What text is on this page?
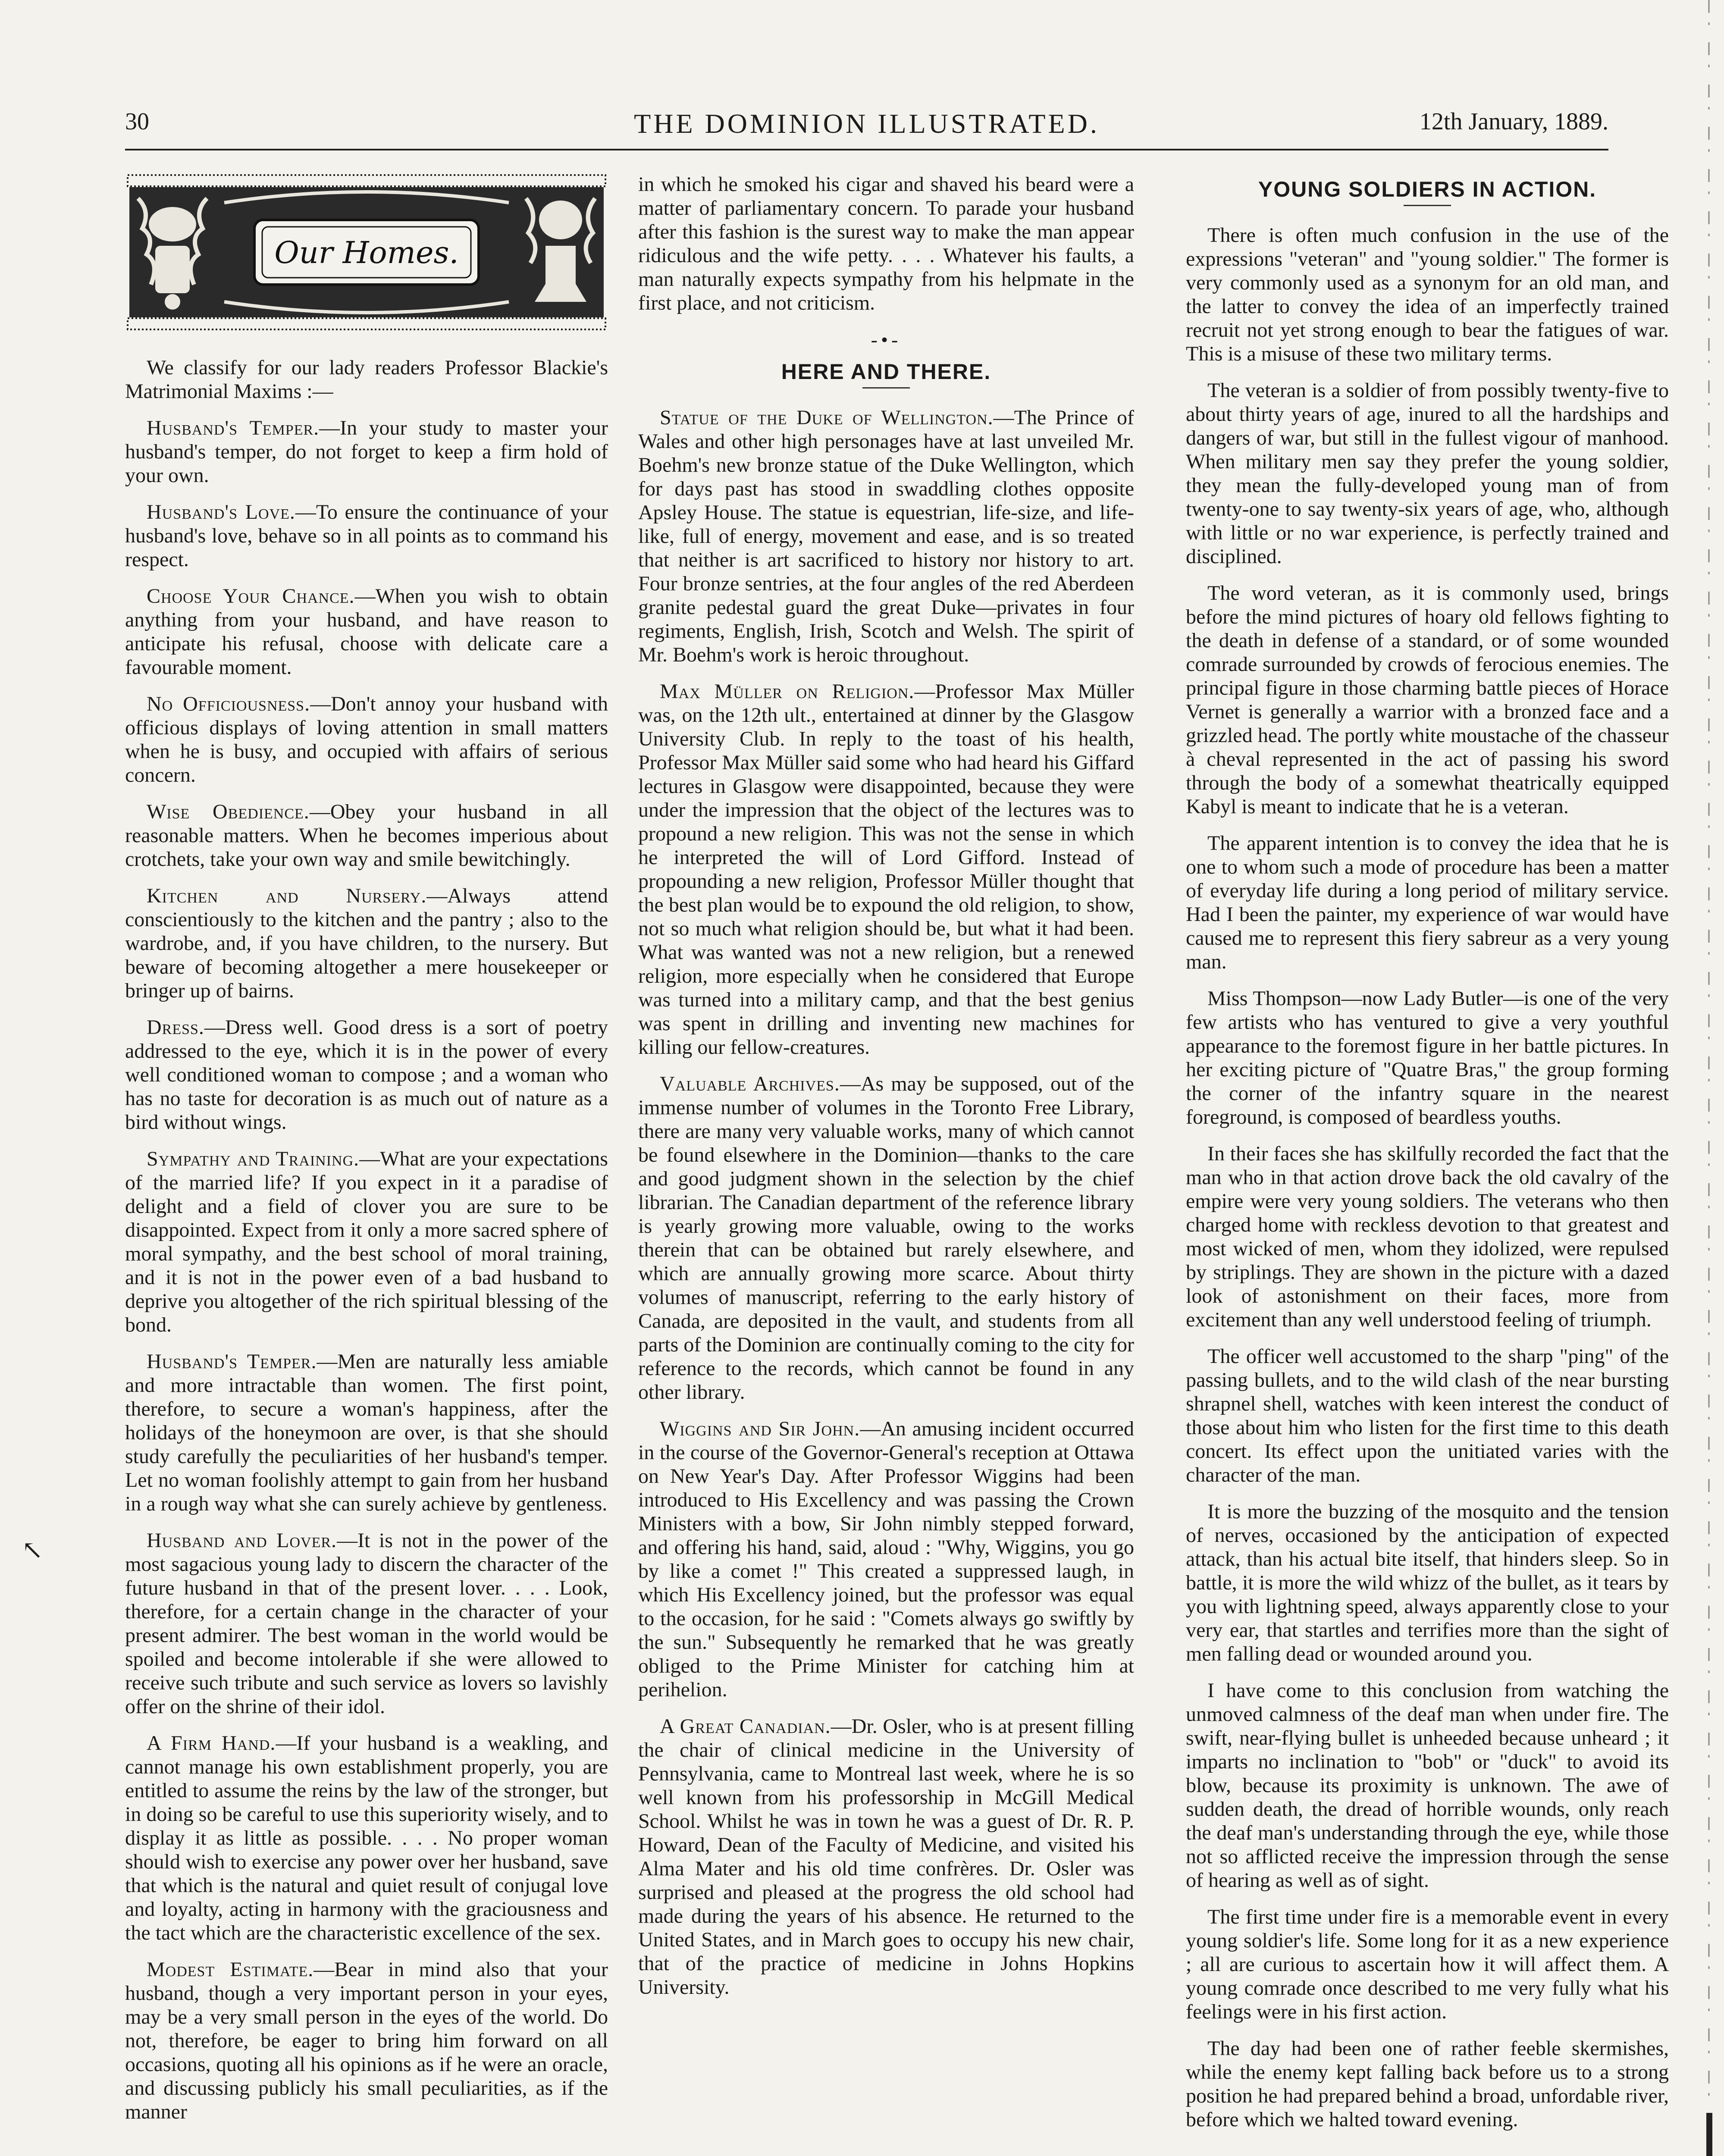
30	THE DOMINION ILLUSTRATED.	12th January, 1889.
Our Homes.

We classify for our lady readers Professor Blackie's Matrimonial Maxims :—

Husband's Temper.—In your study to master your husband's temper, do not forget to keep a firm hold of your own.

Husband's Love.—To ensure the continuance of your husband's love, behave so in all points as to command his respect.

Choose Your Chance.—When you wish to obtain anything from your husband, and have reason to anticipate his refusal, choose with delicate care a favourable moment.

No Officiousness.—Don't annoy your husband with officious displays of loving attention in small matters when he is busy, and occupied with affairs of serious concern.

Wise Obedience.—Obey your husband in all reasonable matters. When he becomes imperious about crotchets, take your own way and smile bewitchingly.

Kitchen and Nursery.—Always attend conscientiously to the kitchen and the pantry ; also to the wardrobe, and, if you have children, to the nursery. But beware of becoming altogether a mere housekeeper or bringer up of bairns.

Dress.—Dress well. Good dress is a sort of poetry addressed to the eye, which it is in the power of every well conditioned woman to compose ; and a woman who has no taste for decoration is as much out of nature as a bird without wings.

Sympathy and Training.—What are your expectations of the married life? If you expect in it a paradise of delight and a field of clover you are sure to be disappointed. Expect from it only a more sacred sphere of moral sympathy, and the best school of moral training, and it is not in the power even of a bad husband to deprive you altogether of the rich spiritual blessing of the bond.

Husband's Temper.—Men are naturally less amiable and more intractable than women. The first point, therefore, to secure a woman's happiness, after the holidays of the honeymoon are over, is that she should study carefully the peculiarities of her husband's temper. Let no woman foolishly attempt to gain from her husband in a rough way what she can surely achieve by gentleness.

Husband and Lover.—It is not in the power of the most sagacious young lady to discern the character of the future husband in that of the present lover. . . . Look, therefore, for a certain change in the character of your present admirer. The best woman in the world would be spoiled and become intolerable if she were allowed to receive such tribute and such service as lovers so lavishly offer on the shrine of their idol.

A Firm Hand.—If your husband is a weakling, and cannot manage his own establishment properly, you are entitled to assume the reins by the law of the stronger, but in doing so be careful to use this superiority wisely, and to display it as little as possible. . . . No proper woman should wish to exercise any power over her husband, save that which is the natural and quiet result of conjugal love and loyalty, acting in harmony with the graciousness and the tact which are the characteristic excellence of the sex.

Modest Estimate.—Bear in mind also that your husband, though a very important person in your eyes, may be a very small person in the eyes of the world. Do not, therefore, be eager to bring him forward on all occasions, quoting all his opinions as if he were an oracle, and discussing publicly his small peculiarities, as if the manner

in which he smoked his cigar and shaved his beard were a matter of parliamentary concern. To parade your husband after this fashion is the surest way to make the man appear ridiculous and the wife petty. . . . Whatever his faults, a man naturally expects sympathy from his helpmate in the first place, and not criticism.

-•-
HERE AND THERE.

Statue of the Duke of Wellington.—The Prince of Wales and other high personages have at last unveiled Mr. Boehm's new bronze statue of the Duke Wellington, which for days past has stood in swaddling clothes opposite Apsley House. The statue is equestrian, life-size, and life-like, full of energy, movement and ease, and is so treated that neither is art sacrificed to history nor history to art. Four bronze sentries, at the four angles of the red Aberdeen granite pedestal guard the great Duke—privates in four regiments, English, Irish, Scotch and Welsh. The spirit of Mr. Boehm's work is heroic throughout.

Max Müller on Religion.—Professor Max Müller was, on the 12th ult., entertained at dinner by the Glasgow University Club. In reply to the toast of his health, Professor Max Müller said some who had heard his Giffard lectures in Glasgow were disappointed, because they were under the impression that the object of the lectures was to propound a new religion. This was not the sense in which he interpreted the will of Lord Gifford. Instead of propounding a new religion, Professor Müller thought that the best plan would be to expound the old religion, to show, not so much what religion should be, but what it had been. What was wanted was not a new religion, but a renewed religion, more especially when he considered that Europe was turned into a military camp, and that the best genius was spent in drilling and inventing new machines for killing our fellow-creatures.

Valuable Archives.—As may be supposed, out of the immense number of volumes in the Toronto Free Library, there are many very valuable works, many of which cannot be found elsewhere in the Dominion—thanks to the care and good judgment shown in the selection by the chief librarian. The Canadian department of the reference library is yearly growing more valuable, owing to the works therein that can be obtained but rarely elsewhere, and which are annually growing more scarce. About thirty volumes of manuscript, referring to the early history of Canada, are deposited in the vault, and students from all parts of the Dominion are continually coming to the city for reference to the records, which cannot be found in any other library.

Wiggins and Sir John.—An amusing incident occurred in the course of the Governor-General's reception at Ottawa on New Year's Day. After Professor Wiggins had been introduced to His Excellency and was passing the Crown Ministers with a bow, Sir John nimbly stepped forward, and offering his hand, said, aloud : "Why, Wiggins, you go by like a comet !" This created a suppressed laugh, in which His Excellency joined, but the professor was equal to the occasion, for he said : "Comets always go swiftly by the sun." Subsequently he remarked that he was greatly obliged to the Prime Minister for catching him at perihelion.

A Great Canadian.—Dr. Osler, who is at present filling the chair of clinical medicine in the University of Pennsylvania, came to Montreal last week, where he is so well known from his professorship in McGill Medical School. Whilst he was in town he was a guest of Dr. R. P. Howard, Dean of the Faculty of Medicine, and visited his Alma Mater and his old time confrères. Dr. Osler was surprised and pleased at the progress the old school had made during the years of his absence. He returned to the United States, and in March goes to occupy his new chair, that of the practice of medicine in Johns Hopkins University.

YOUNG SOLDIERS IN ACTION.

There is often much confusion in the use of the expressions "veteran" and "young soldier." The former is very commonly used as a synonym for an old man, and the latter to convey the idea of an imperfectly trained recruit not yet strong enough to bear the fatigues of war. This is a misuse of these two military terms.

The veteran is a soldier of from possibly twenty-five to about thirty years of age, inured to all the hardships and dangers of war, but still in the fullest vigour of manhood. When military men say they prefer the young soldier, they mean the fully-developed young man of from twenty-one to say twenty-six years of age, who, although with little or no war experience, is perfectly trained and disciplined.

The word veteran, as it is commonly used, brings before the mind pictures of hoary old fellows fighting to the death in defense of a standard, or of some wounded comrade surrounded by crowds of ferocious enemies. The principal figure in those charming battle pieces of Horace Vernet is generally a warrior with a bronzed face and a grizzled head. The portly white moustache of the chasseur à cheval represented in the act of passing his sword through the body of a somewhat theatrically equipped Kabyl is meant to indicate that he is a veteran.

The apparent intention is to convey the idea that he is one to whom such a mode of procedure has been a matter of everyday life during a long period of military service. Had I been the painter, my experience of war would have caused me to represent this fiery sabreur as a very young man.

Miss Thompson—now Lady Butler—is one of the very few artists who has ventured to give a very youthful appearance to the foremost figure in her battle pictures. In her exciting picture of "Quatre Bras," the group forming the corner of the infantry square in the nearest foreground, is composed of beardless youths.

In their faces she has skilfully recorded the fact that the man who in that action drove back the old cavalry of the empire were very young soldiers. The veterans who then charged home with reckless devotion to that greatest and most wicked of men, whom they idolized, were repulsed by striplings. They are shown in the picture with a dazed look of astonishment on their faces, more from excitement than any well understood feeling of triumph.

The officer well accustomed to the sharp "ping" of the passing bullets, and to the wild clash of the near bursting shrapnel shell, watches with keen interest the conduct of those about him who listen for the first time to this death concert. Its effect upon the unitiated varies with the character of the man.

It is more the buzzing of the mosquito and the tension of nerves, occasioned by the anticipation of expected attack, than his actual bite itself, that hinders sleep. So in battle, it is more the wild whizz of the bullet, as it tears by you with lightning speed, always apparently close to your very ear, that startles and terrifies more than the sight of men falling dead or wounded around you.

I have come to this conclusion from watching the unmoved calmness of the deaf man when under fire. The swift, near-flying bullet is unheeded because unheard ; it imparts no inclination to "bob" or "duck" to avoid its blow, because its proximity is unknown. The awe of sudden death, the dread of horrible wounds, only reach the deaf man's understanding through the eye, while those not so afflicted receive the impression through the sense of hearing as well as of sight.

The first time under fire is a memorable event in every young soldier's life. Some long for it as a new experience ; all are curious to ascertain how it will affect them. A young comrade once described to me very fully what his feelings were in his first action.

The day had been one of rather feeble skermishes, while the enemy kept falling back before us to a strong position he had prepared behind a broad, unfordable river, before which we halted toward evening.

↖
